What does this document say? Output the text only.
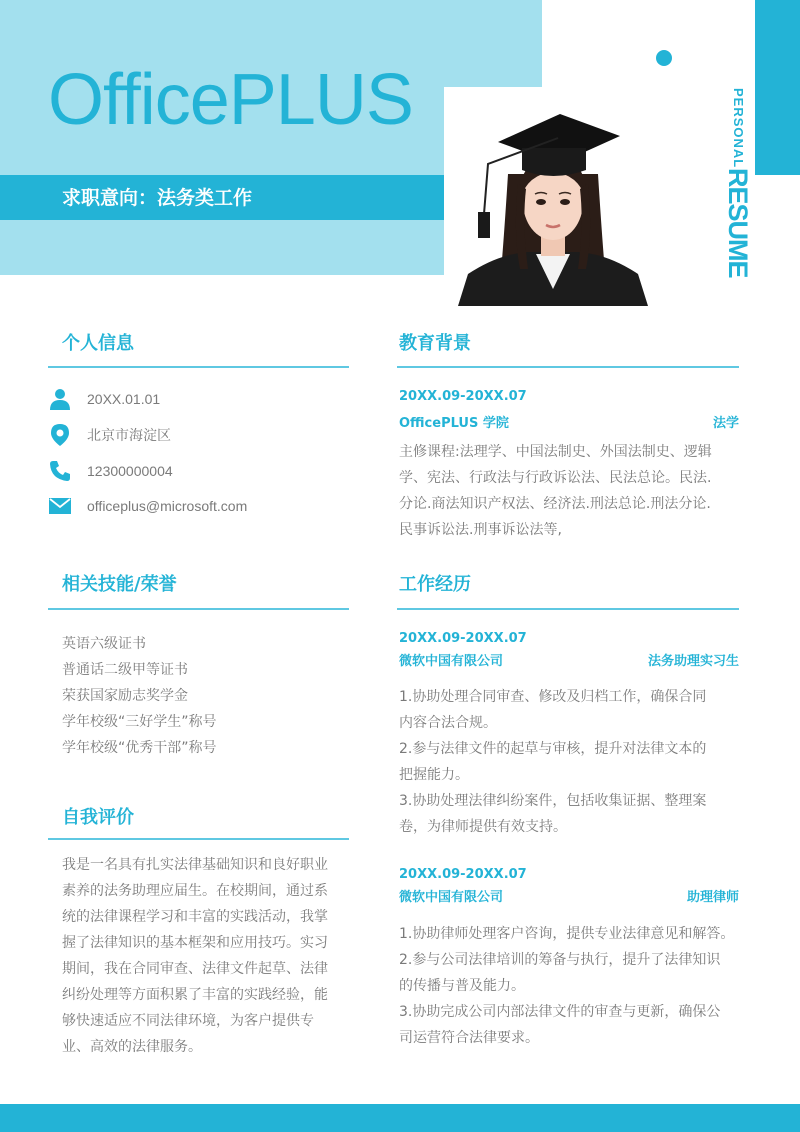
OfficePLUS
求职意向：法务类工作
PERSONALRESUME
个人信息
20XX.01.01
北京市海淀区
12300000004
officeplus@microsoft.com
相关技能/荣誉
英语六级证书
普通话二级甲等证书
荣获国家励志奖学金
学年校级“三好学生”称号
学年校级“优秀干部”称号
自我评价
我是一名具有扎实法律基础知识和良好职业
素养的法务助理应届生。在校期间，通过系
统的法律课程学习和丰富的实践活动，我掌
握了法律知识的基本框架和应用技巧。实习
期间，我在合同审查、法律文件起草、法律
纠纷处理等方面积累了丰富的实践经验，能
够快速适应不同法律环境，为客户提供专
业、高效的法律服务。
教育背景
20XX.09-20XX.07
OfficePLUS 学院	法学
主修课程:法理学、中国法制史、外国法制史、逻辑
学、宪法、行政法与行政诉讼法、民法总论。民法.
分论.商法知识产权法、经济法.刑法总论.刑法分论.
民事诉讼法.刑事诉讼法等,
工作经历
20XX.09-20XX.07
微软中国有限公司	法务助理实习生
1.协助处理合同审查、修改及归档工作，确保合同
内容合法合规。
2.参与法律文件的起草与审核，提升对法律文本的
把握能力。
3.协助处理法律纠纷案件，包括收集证据、整理案
卷，为律师提供有效支持。
20XX.09-20XX.07
微软中国有限公司	助理律师
1.协助律师处理客户咨询，提供专业法律意见和解答。
2.参与公司法律培训的筹备与执行，提升了法律知识
的传播与普及能力。
3.协助完成公司内部法律文件的审查与更新，确保公
司运营符合法律要求。
